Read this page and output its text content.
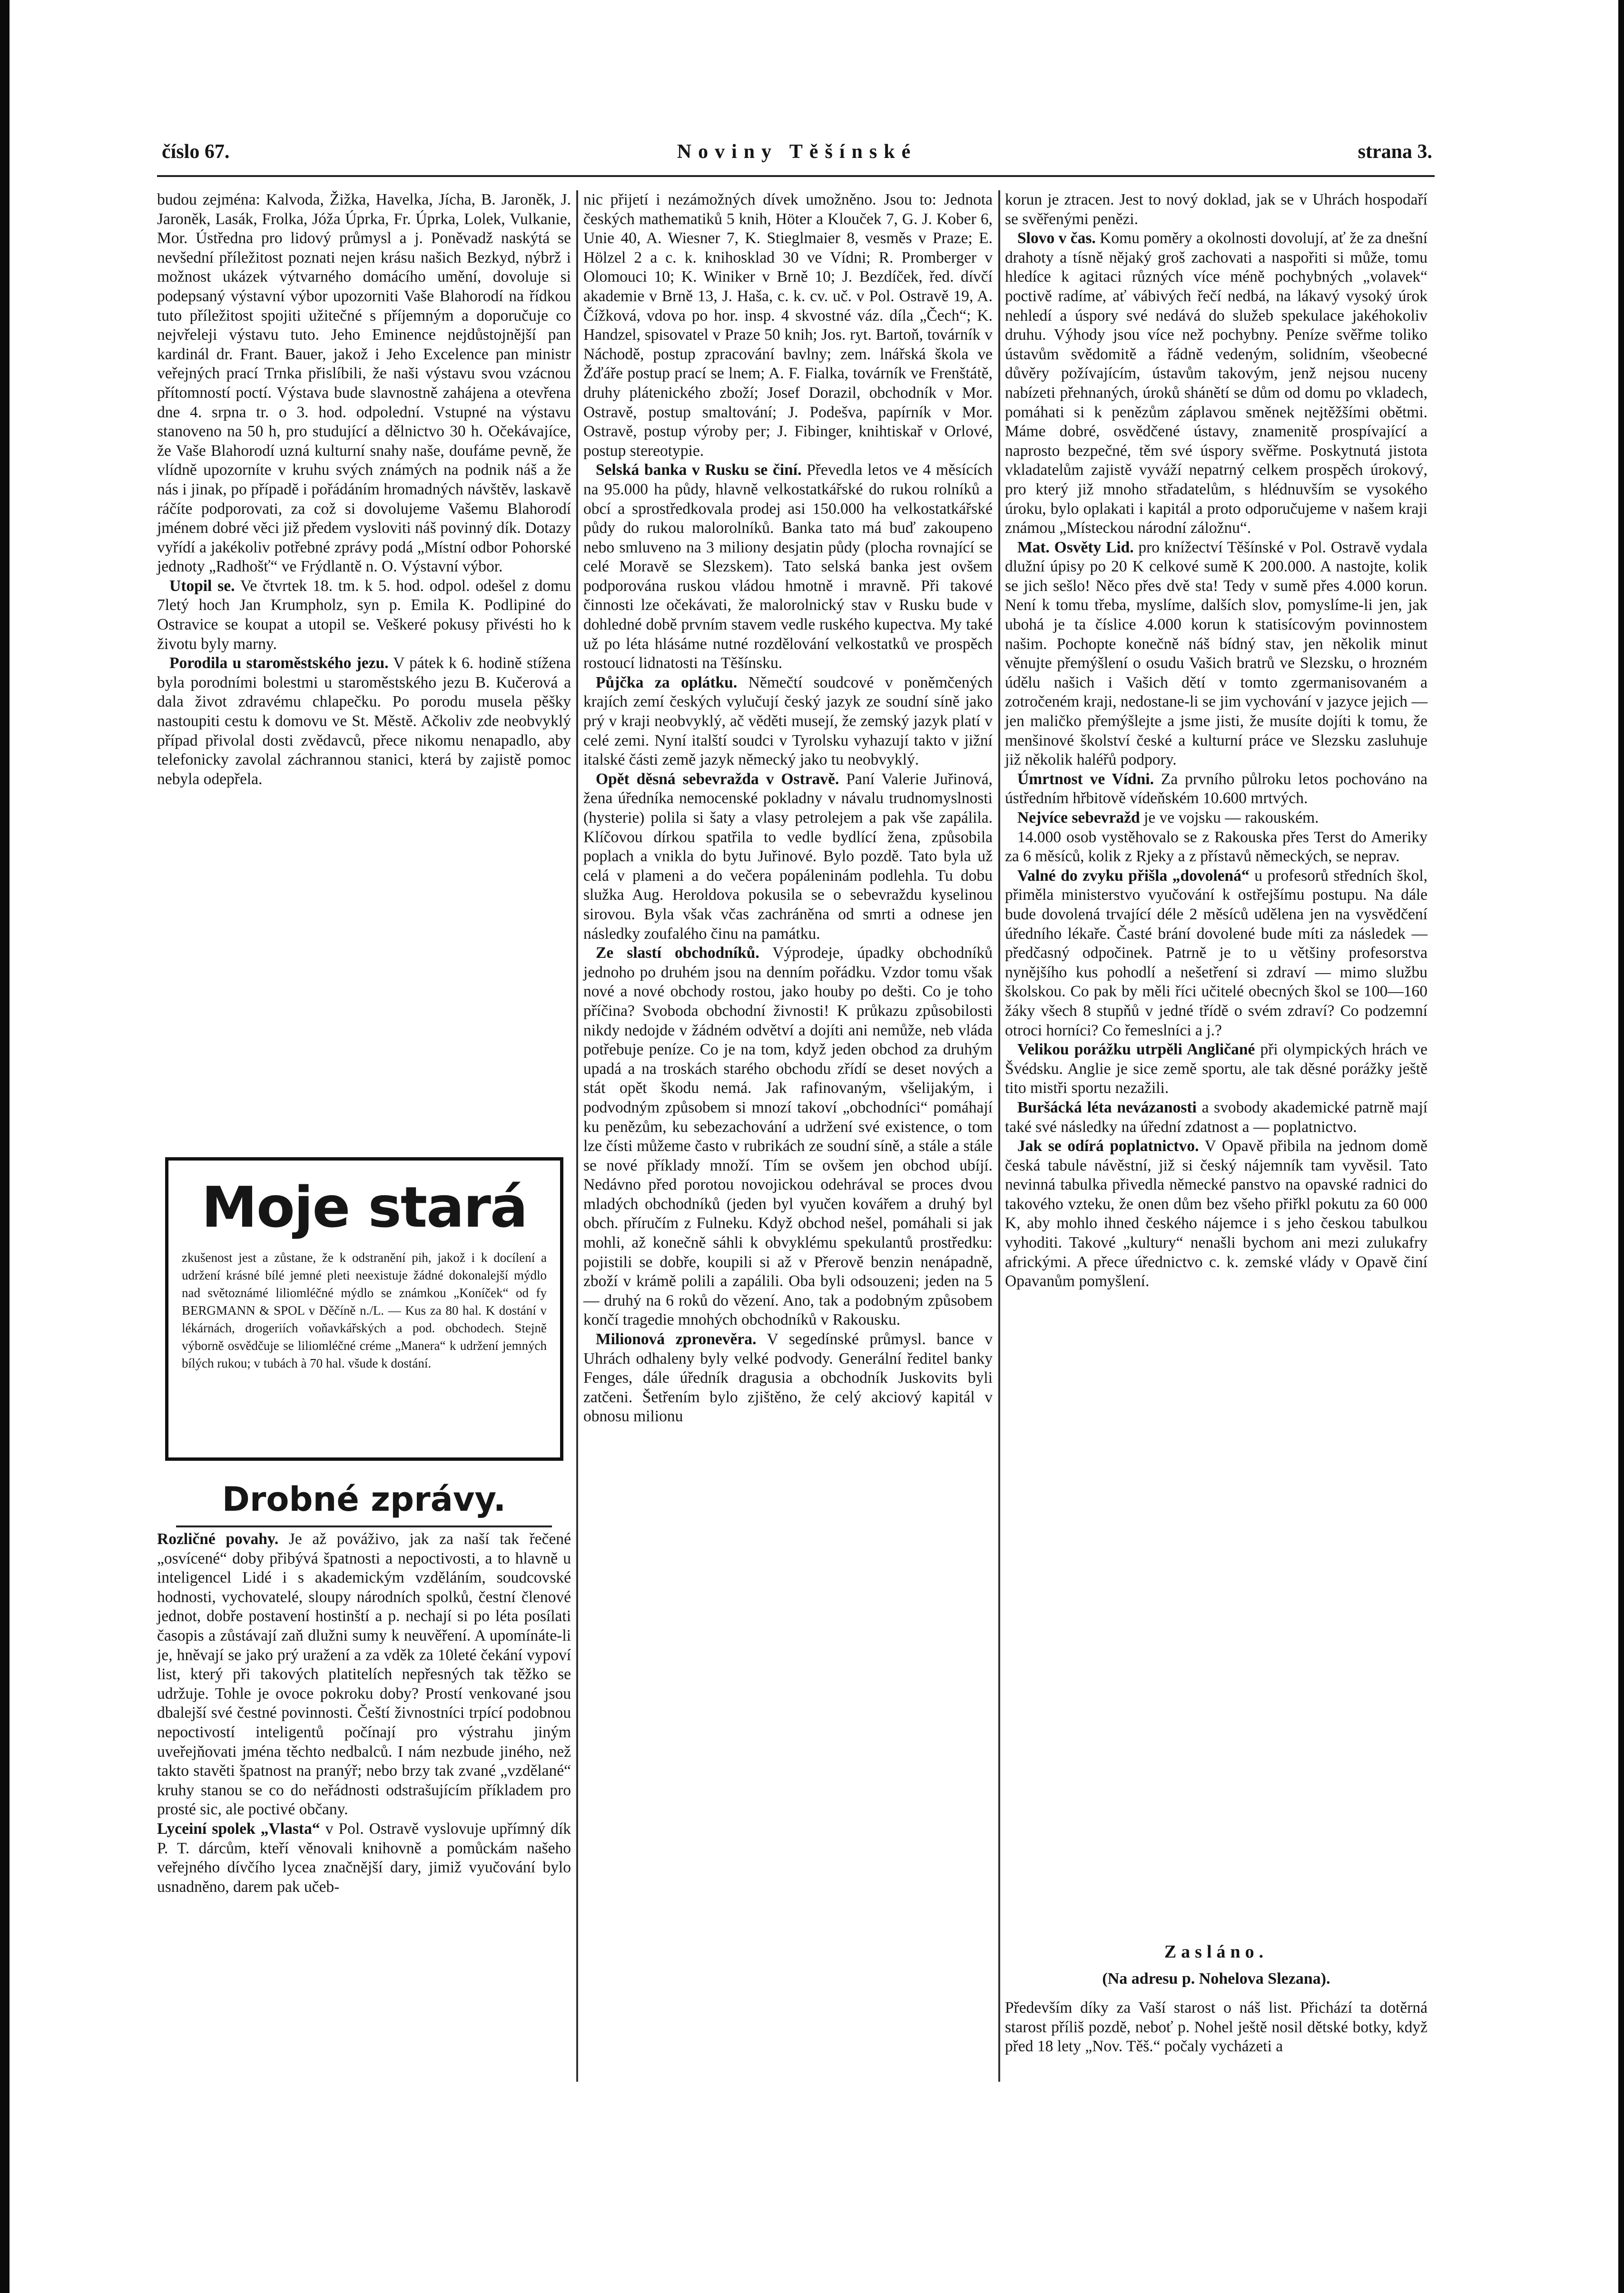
číslo 67.	Noviny Těšínské	strana 3.

budou zejména: Kalvoda, Žižka, Havelka, Jícha, B. Jaroněk, J. Jaroněk, Lasák, Frolka, Jóža Úprka, Fr. Úprka, Lolek, Vulkanie, Mor. Ústředna pro lidový průmysl a j. Poněvadž naskýtá se nevšední příležitost poznati nejen krásu našich Bezkyd, nýbrž i možnost ukázek výtvarného domácího umění, dovoluje si podepsaný výstavní výbor upozorniti Vaše Blahorodí na řídkou tuto příležitost spojiti užitečné s příjemným a doporučuje co nejvřeleji výstavu tuto. Jeho Eminence nejdůstojnější pan kardinál dr. Frant. Bauer, jakož i Jeho Excelence pan ministr veřejných prací Trnka přislíbili, že naši výstavu svou vzácnou přítomností poctí. Výstava bude slavnostně zahájena a otevřena dne 4. srpna tr. o 3. hod. odpolední. Vstupné na výstavu stanoveno na 50 h, pro studující a dělnictvo 30 h. Očekávajíce, že Vaše Blahorodí uzná kulturní snahy naše, doufáme pevně, že vlídně upozorníte v kruhu svých známých na podnik náš a že nás i jinak, po případě i pořádáním hromadných návštěv, laskavě ráčíte podporovati, za což si dovolujeme Vašemu Blahorodí jménem dobré věci již předem vysloviti náš povinný dík. Dotazy vyřídí a jakékoliv potřebné zprávy podá „Místní odbor Pohorské jednoty „Radhošť“ ve Frýdlantě n. O. Výstavní výbor.

Utopil se. Ve čtvrtek 18. tm. k 5. hod. odpol. odešel z domu 7letý hoch Jan Krumpholz, syn p. Emila K. Podlipiné do Ostravice se koupat a utopil se. Veškeré pokusy přivésti ho k životu byly marny.

Porodila u staroměstského jezu. V pátek k 6. hodině stížena byla porodními bolestmi u staroměstského jezu B. Kučerová a dala život zdravému chlapečku. Po porodu musela pěšky nastoupiti cestu k domovu ve St. Městě. Ačkoliv zde neobvyklý případ přivolal dosti zvědavců, přece nikomu nenapadlo, aby telefonicky zavolal záchrannou stanici, která by zajistě pomoc nebyla odepřela.

Moje stará
zkušenost jest a zůstane, že k odstranění pih, jakož i k docílení a udržení krásné bílé jemné pleti neexistuje žádné dokonalejší mýdlo nad světoznámé liliomléčné mýdlo se známkou „Koníček“ od fy BERGMANN & SPOL v Děčíně n./L. — Kus za 80 hal. K dostání v lékárnách, drogeriích voňavkářských a pod. obchodech. Stejně výborně osvědčuje se liliomléčné créme „Manera“ k udržení jemných bílých rukou; v tubách à 70 hal. všude k dostání.
Drobné zprávy.

Rozličné povahy. Je až pováživo, jak za naší tak řečené „osvícené“ doby přibývá špatnosti a nepoctivosti, a to hlavně u inteligencel Lidé i s akademickým vzděláním, soudcovské hodnosti, vychovatelé, sloupy národních spolků, čestní členové jednot, dobře postavení hostinští a p. nechají si po léta posílati časopis a zůstávají zaň dlužni sumy k neuvěření. A upomínáte-li je, hněvají se jako prý uražení a za vděk za 10leté čekání vypoví list, který při takových platitelích nepřesných tak těžko se udržuje. Tohle je ovoce pokroku doby? Prostí venkované jsou dbalejší své čestné povinnosti. Čeští živnostníci trpící podobnou nepoctivostí inteligentů počínají pro výstrahu jiným uveřejňovati jména těchto nedbalců. I nám nezbude jiného, než takto stavěti špatnost na pranýř; nebo brzy tak zvané „vzdělané“ kruhy stanou se co do neřádnosti odstrašujícím příkladem pro prosté sic, ale poctivé občany.

Lyceiní spolek „Vlasta“ v Pol. Ostravě vyslovuje upřímný dík P. T. dárcům, kteří věnovali knihovně a pomůckám našeho veřejného dívčího lycea značnější dary, jimiž vyučování bylo usnadněno, darem pak učeb-

nic přijetí i nezámožných dívek umožněno. Jsou to: Jednota českých mathematiků 5 knih, Höter a Klouček 7, G. J. Kober 6, Unie 40, A. Wiesner 7, K. Stieglmaier 8, vesměs v Praze; E. Hölzel 2 a c. k. knihosklad 30 ve Vídni; R. Promberger v Olomouci 10; K. Winiker v Brně 10; J. Bezdíček, řed. dívčí akademie v Brně 13, J. Haša, c. k. cv. uč. v Pol. Ostravě 19, A. Čížková, vdova po hor. insp. 4 skvostné váz. díla „Čech“; K. Handzel, spisovatel v Praze 50 knih; Jos. ryt. Bartoň, továrník v Náchodě, postup zpracování bavlny; zem. lnářská škola ve Žďáře postup prací se lnem; A. F. Fialka, továrník ve Frenštátě, druhy plátenického zboží; Josef Dorazil, obchodník v Mor. Ostravě, postup smaltování; J. Podešva, papírník v Mor. Ostravě, postup výroby per; J. Fibinger, knihtiskař v Orlové, postup stereotypie.

Selská banka v Rusku se činí. Převedla letos ve 4 měsících na 95.000 ha půdy, hlavně velkostatkářské do rukou rolníků a obcí a sprostředkovala prodej asi 150.000 ha velkostatkářské půdy do rukou malorolníků. Banka tato má buď zakoupeno nebo smluveno na 3 miliony desjatin půdy (plocha rovnající se celé Moravě se Slezskem). Tato selská banka jest ovšem podporována ruskou vládou hmotně i mravně. Při takové činnosti lze očekávati, že malorolnický stav v Rusku bude v dohledné době prvním stavem vedle ruského kupectva. My také už po léta hlásáme nutné rozdělování velkostatků ve prospěch rostoucí lidnatosti na Těšínsku.

Půjčka za oplátku. Němečtí soudcové v poněmčených krajích zemí českých vylučují český jazyk ze soudní síně jako prý v kraji neobvyklý, ač věděti musejí, že zemský jazyk platí v celé zemi. Nyní italští soudci v Tyrolsku vyhazují takto v jižní italské části země jazyk německý jako tu neobvyklý.

Opět děsná sebevražda v Ostravě. Paní Valerie Juřinová, žena úředníka nemocenské pokladny v návalu trudnomyslnosti (hysterie) polila si šaty a vlasy petrolejem a pak vše zapálila. Klíčovou dírkou spatřila to vedle bydlící žena, způsobila poplach a vnikla do bytu Juřinové. Bylo pozdě. Tato byla už celá v plameni a do večera popáleninám podlehla. Tu dobu služka Aug. Heroldova pokusila se o sebevraždu kyselinou sirovou. Byla však včas zachráněna od smrti a odnese jen následky zoufalého činu na památku.

Ze slastí obchodníků. Výprodeje, úpadky obchodníků jednoho po druhém jsou na denním pořádku. Vzdor tomu však nové a nové obchody rostou, jako houby po dešti. Co je toho příčina? Svoboda obchodní živnosti! K průkazu způsobilosti nikdy nedojde v žádném odvětví a dojíti ani nemůže, neb vláda potřebuje peníze. Co je na tom, když jeden obchod za druhým upadá a na troskách starého obchodu zřídí se deset nových a stát opět škodu nemá. Jak rafinovaným, všelijakým, i podvodným způsobem si mnozí takoví „obchodníci“ pomáhají ku penězům, ku sebezachování a udržení své existence, o tom lze čísti můžeme často v rubrikách ze soudní síně, a stále a stále se nové příklady množí. Tím se ovšem jen obchod ubíjí. Nedávno před porotou novojickou odehrával se proces dvou mladých obchodníků (jeden byl vyučen kovářem a druhý byl obch. příručím z Fulneku. Když obchod nešel, pomáhali si jak mohli, až konečně sáhli k obvyklému spekulantů prostředku: pojistili se dobře, koupili si až v Přerově benzin nenápadně, zboží v krámě polili a zapálili. Oba byli odsouzeni; jeden na 5 — druhý na 6 roků do vězení. Ano, tak a podobným způsobem končí tragedie mnohých obchodníků v Rakousku.

Milionová zpronevěra. V segedínské průmysl. bance v Uhrách odhaleny byly velké podvody. Generální ředitel banky Fenges, dále úředník dragusia a obchodník Juskovits byli zatčeni. Šetřením bylo zjištěno, že celý akciový kapitál v obnosu milionu

korun je ztracen. Jest to nový doklad, jak se v Uhrách hospodaří se svěřenými penězi.

Slovo v čas. Komu poměry a okolnosti dovolují, ať že za dnešní drahoty a tísně nějaký groš zachovati a naspořiti si může, tomu hledíce k agitaci různých více méně pochybných „volavek“ poctivě radíme, ať vábivých řečí nedbá, na lákavý vysoký úrok nehledí a úspory své nedává do služeb spekulace jakéhokoliv druhu. Výhody jsou více než pochybny. Peníze svěřme toliko ústavům svědomitě a řádně vedeným, solidním, všeobecné důvěry požívajícím, ústavům takovým, jenž nejsou nuceny nabízeti přehnaných, úroků shánětí se dům od domu po vkladech, pomáhati si k penězům záplavou směnek nejtěžšími obětmi. Máme dobré, osvědčené ústavy, znamenitě prospívající a naprosto bezpečné, těm své úspory svěřme. Poskytnutá jistota vkladatelům zajistě vyváží nepatrný celkem prospěch úrokový, pro který již mnoho střadatelům, s hlédnuvším se vysokého úroku, bylo oplakati i kapitál a proto odporučujeme v našem kraji známou „Místeckou národní záložnu“.

Mat. Osvěty Lid. pro knížectví Těšínské v Pol. Ostravě vydala dlužní úpisy po 20 K celkové sumě K 200.000. A nastojte, kolik se jich sešlo! Něco přes dvě sta! Tedy v sumě přes 4.000 korun. Není k tomu třeba, myslíme, dalších slov, pomyslíme-li jen, jak ubohá je ta číslice 4.000 korun k statisícovým povinnostem našim. Pochopte konečně náš bídný stav, jen několik minut věnujte přemýšlení o osudu Vašich bratrů ve Slezsku, o hrozném údělu našich i Vašich dětí v tomto zgermanisovaném a zotročeném kraji, nedostane-li se jim vychování v jazyce jejich — jen maličko přemýšlejte a jsme jisti, že musíte dojíti k tomu, že menšinové školství české a kulturní práce ve Slezsku zasluhuje již několik haléřů podpory.

Úmrtnost ve Vídni. Za prvního půlroku letos pochováno na ústředním hřbitově vídeňském 10.600 mrtvých.

Nejvíce sebevražd je ve vojsku — rakouském.

14.000 osob vystěhovalo se z Rakouska přes Terst do Ameriky za 6 měsíců, kolik z Rjeky a z přístavů německých, se neprav.

Valné do zvyku přišla „dovolená“ u profesorů středních škol, přiměla ministerstvo vyučování k ostřejšímu postupu. Na dále bude dovolená trvající déle 2 měsíců udělena jen na vysvědčení úředního lékaře. Časté brání dovolené bude míti za následek — předčasný odpočinek. Patrně je to u většiny profesorstva nynějšího kus pohodlí a nešetření si zdraví — mimo službu školskou. Co pak by měli říci učitelé obecných škol se 100—160 žáky všech 8 stupňů v jedné třídě o svém zdraví? Co podzemní otroci horníci? Co řemeslníci a j.?

Velikou porážku utrpěli Angličané při olympických hrách ve Švédsku. Anglie je sice země sportu, ale tak děsné porážky ještě tito mistři sportu nezažili.

Buršácká léta nevázanosti a svobody akademické patrně mají také své následky na úřední zdatnost a — poplatnictvo.

Jak se odírá poplatnictvo. V Opavě přibila na jednom domě česká tabule návěstní, již si český nájemník tam vyvěsil. Tato nevinná tabulka přivedla německé panstvo na opavské radnici do takového vzteku, že onen dům bez všeho přiřkl pokutu za 60 000 K, aby mohlo ihned českého nájemce i s jeho českou tabulkou vyhoditi. Takové „kultury“ nenašli bychom ani mezi zulukafry africkými. A přece úřednictvo c. k. zemské vlády v Opavě činí Opavanům pomyšlení.

Zasláno.
(Na adresu p. Nohelova Slezana).

Především díky za Vaší starost o náš list. Přichází ta dotěrná starost příliš pozdě, neboť p. Nohel ještě nosil dětské botky, když před 18 lety „Nov. Těš.“ počaly vycházeti a
